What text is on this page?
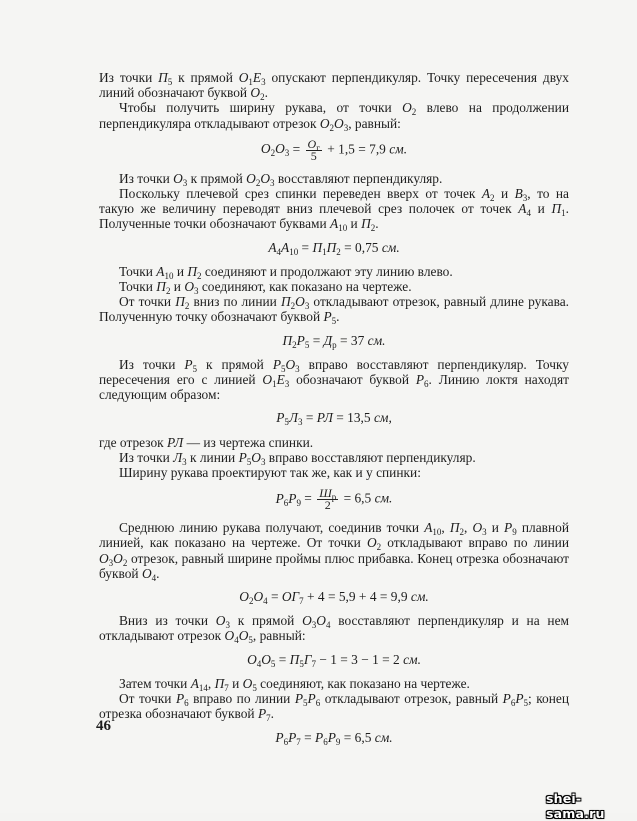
Из точки $П_5$ к прямой $O_1E_3$ опускают перпендикуляр. Точку пересечения двух линий обозначают буквой $O_2$.
Чтобы получить ширину рукава, от точки $O_2$ влево на продолжении перпендикуляра откладывают отрезок $O_2O_3$, равный:
$O_2O_3 = \frac{O_г}{5} + 1,5 = 7,9$ см.
Из точки $O_3$ к прямой $O_2O_3$ восставляют перпендикуляр.
Поскольку плечевой срез спинки переведен вверх от точек $A_2$ и $B_3$, то на такую же величину переводят вниз плечевой срез полочек от точек $A_4$ и $П_1$. Полученные точки обозначают буквами $A_{10}$ и $П_2$.
$A_4A_{10} = П_1П_2 = 0,75$ см.
Точки $A_{10}$ и $П_2$ соединяют и продолжают эту линию влево.
Точки $П_2$ и $O_3$ соединяют, как показано на чертеже.
От точки $П_2$ вниз по линии $П_2O_3$ откладывают отрезок, равный длине рукава. Полученную точку обозначают буквой $P_5$.
$П_2P_5 = Д_р = 37$ см.
Из точки $P_5$ к прямой $P_5O_3$ вправо восставляют перпендикуляр. Точку пересечения его с линией $O_1E_3$ обозначают буквой $P_6$. Линию локтя находят следующим образом:
$P_5Л_3$ = РЛ = 13,5 см,
где отрезок РЛ — из чертежа спинки.
Из точки $Л_3$ к линии $P_5O_3$ вправо восставляют перпендикуляр.
Ширину рукава проектируют так же, как и у спинки:
$P_6P_9 = \frac{Ш_р}{2} = 6,5$ см.
Среднюю линию рукава получают, соединив точки $A_{10}$, $П_2$, $O_3$ и $P_9$ плавной линией, как показано на чертеже. От точки $O_2$ откладывают вправо по линии $O_3O_2$ отрезок, равный ширине проймы плюс прибавка. Конец отрезка обозначают буквой $O_4$.
$O_2O_4 = OГ_7 + 4 = 5,9 + 4 = 9,9$ см.
Вниз из точки $O_3$ к прямой $O_3O_4$ восставляют перпендикуляр и на нем откладывают отрезок $O_4O_5$, равный:
$O_4O_5 = П_5Г_7 - 1 = 3 - 1 = 2$ см.
Затем точки $A_{14}$, $П_7$ и $O_5$ соединяют, как показано на чертеже.
От точки $P_6$ вправо по линии $P_5P_6$ откладывают отрезок, равный $P_6P_5$; конец отрезка обозначают буквой $P_7$.
$P_6P_7 = P_6P_9 = 6,5$ см.
46
shei-sama.ru
